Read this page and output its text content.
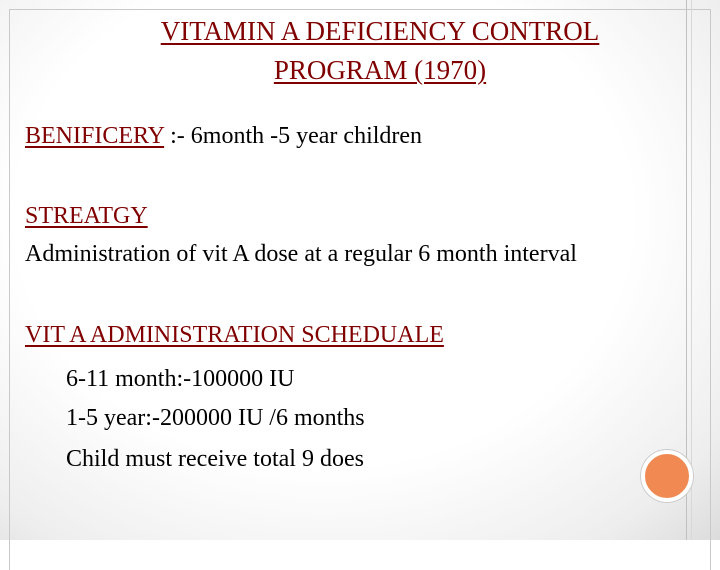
VITAMIN A DEFICIENCY CONTROL
PROGRAM (1970)
BENIFICERY :- 6month -5 year children
STREATGY
Administration of vit A dose at a regular 6 month interval
VIT A ADMINISTRATION SCHEDUALE
6-11 month:-100000 IU
1-5 year:-200000 IU /6 months
Child must receive total 9 does
